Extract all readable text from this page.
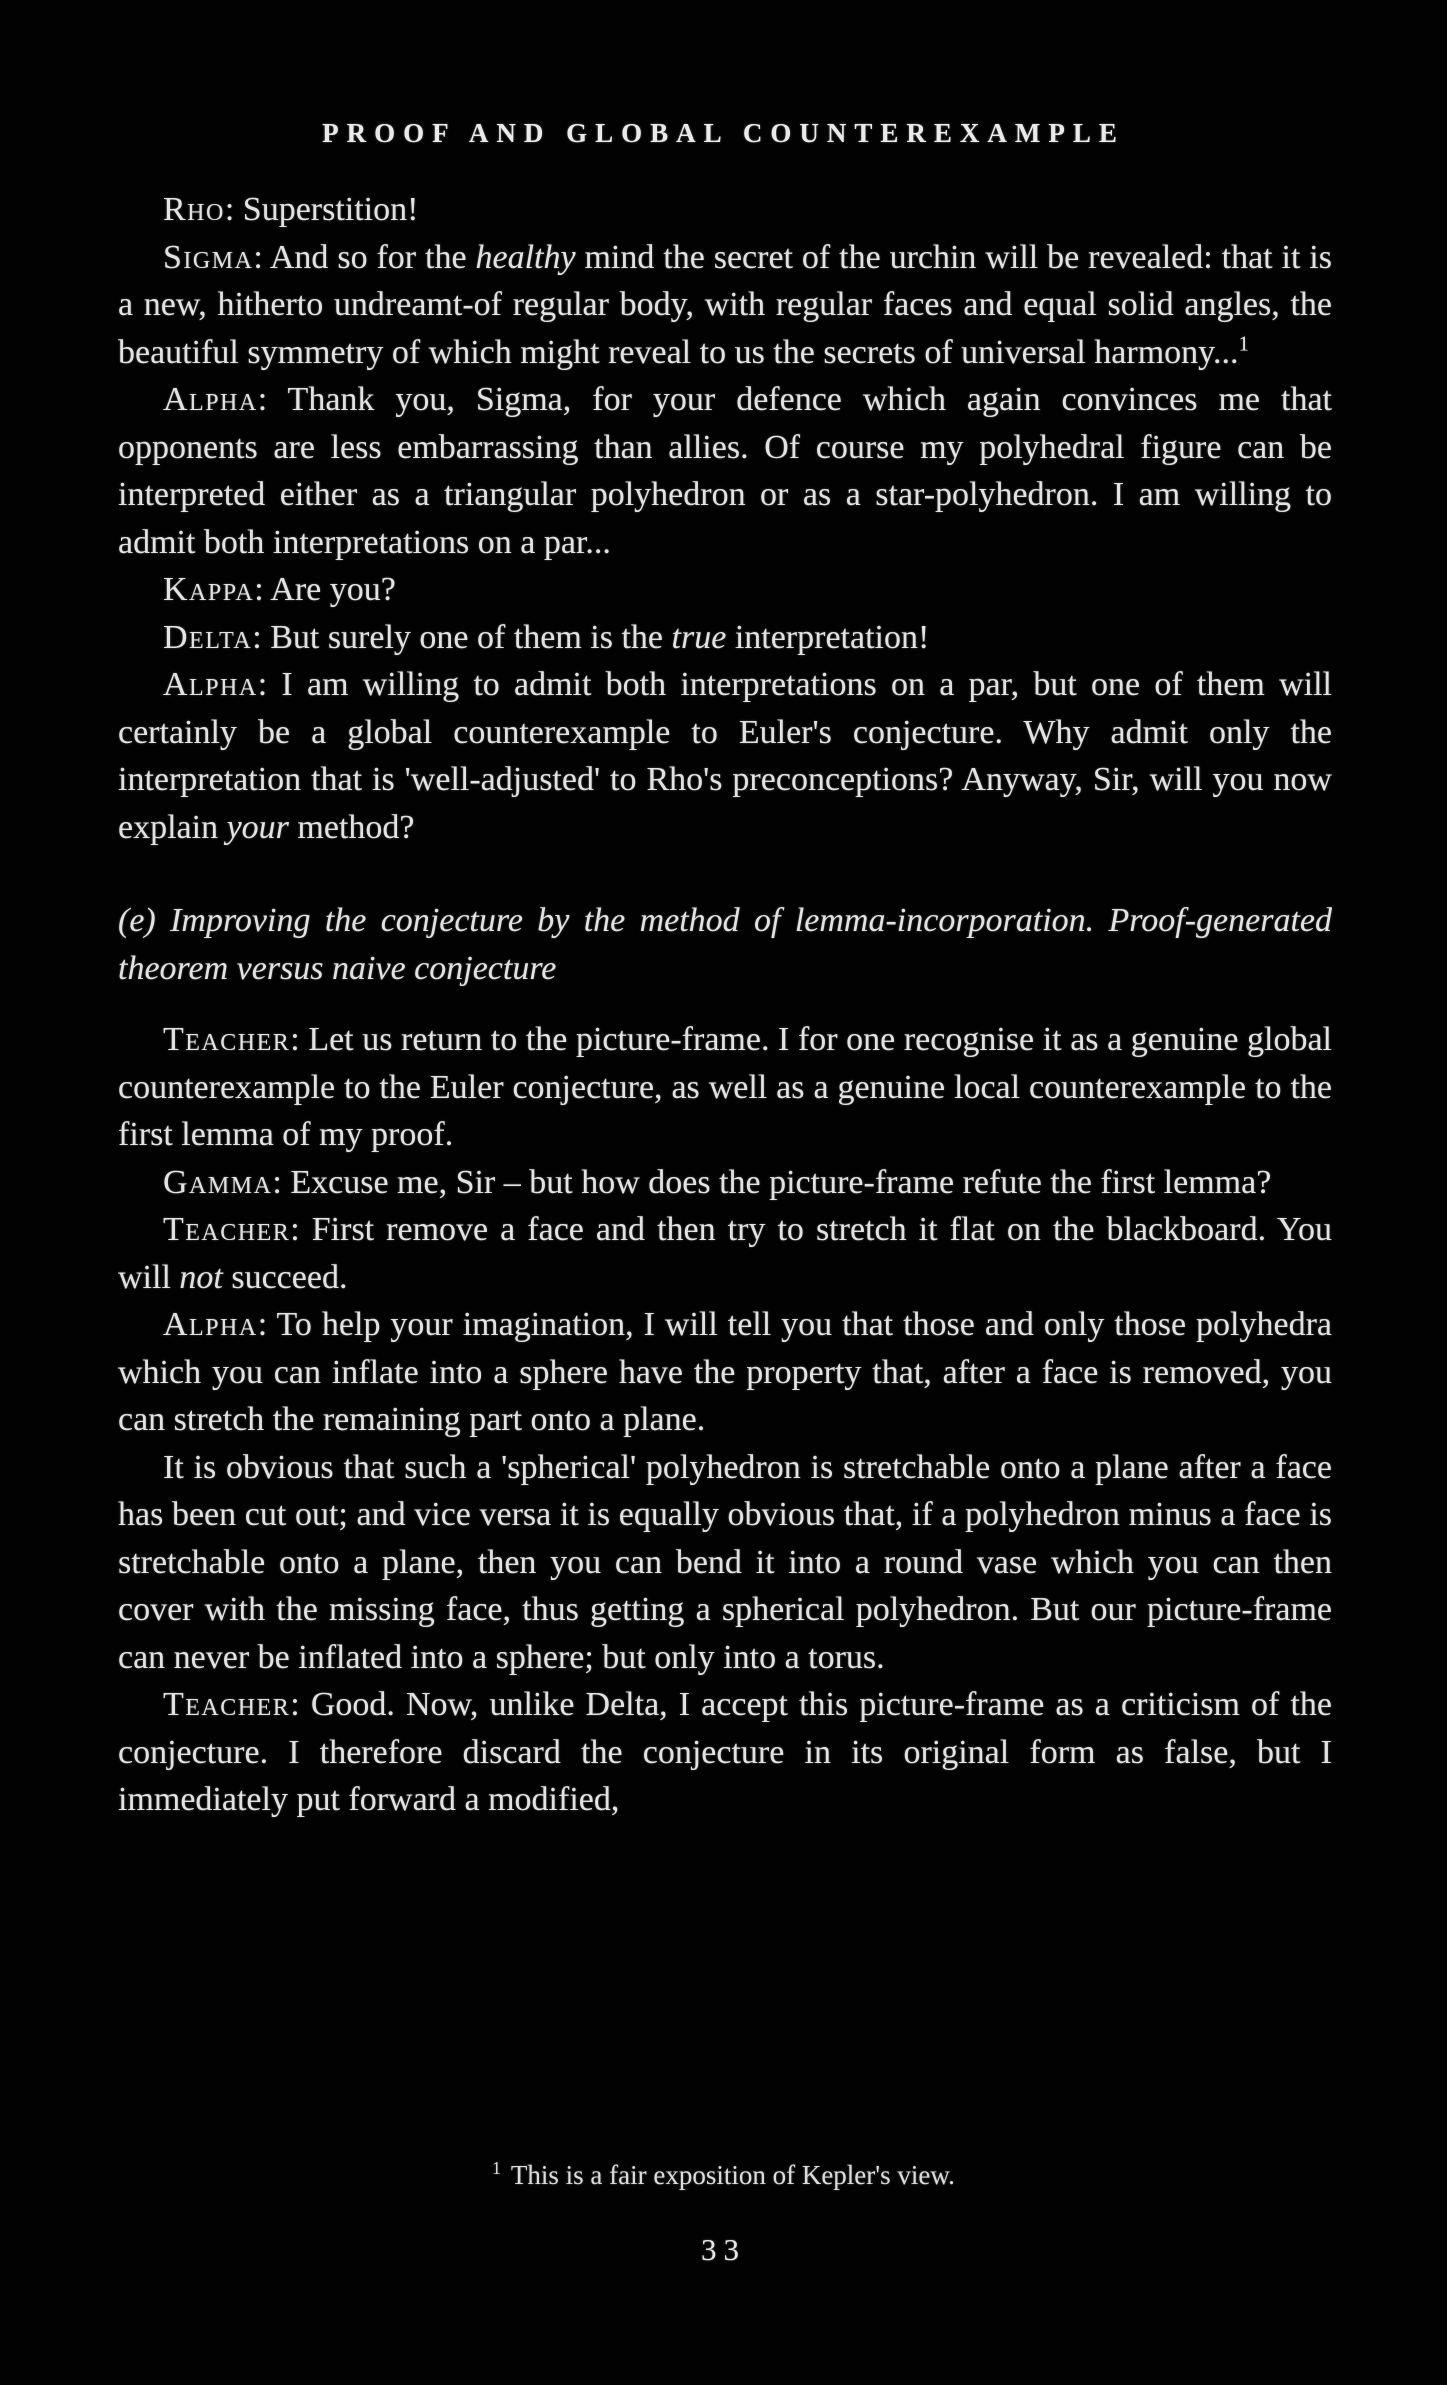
PROOF AND GLOBAL COUNTEREXAMPLE

Rho: Superstition!

Sigma: And so for the healthy mind the secret of the urchin will be revealed: that it is a new, hitherto undreamt-of regular body, with regular faces and equal solid angles, the beautiful symmetry of which might reveal to us the secrets of universal harmony...$^1$

Alpha: Thank you, Sigma, for your defence which again convinces me that opponents are less embarrassing than allies. Of course my polyhedral figure can be interpreted either as a triangular polyhedron or as a star-polyhedron. I am willing to admit both interpretations on a par...

Kappa: Are you?

Delta: But surely one of them is the true interpretation!

Alpha: I am willing to admit both interpretations on a par, but one of them will certainly be a global counterexample to Euler's conjecture. Why admit only the interpretation that is 'well-adjusted' to Rho's preconceptions? Anyway, Sir, will you now explain your method?

(e) Improving the conjecture by the method of lemma-incorporation. Proof-generated theorem versus naive conjecture

Teacher: Let us return to the picture-frame. I for one recognise it as a genuine global counterexample to the Euler conjecture, as well as a genuine local counterexample to the first lemma of my proof.

Gamma: Excuse me, Sir – but how does the picture-frame refute the first lemma?

Teacher: First remove a face and then try to stretch it flat on the blackboard. You will not succeed.

Alpha: To help your imagination, I will tell you that those and only those polyhedra which you can inflate into a sphere have the property that, after a face is removed, you can stretch the remaining part onto a plane.

It is obvious that such a 'spherical' polyhedron is stretchable onto a plane after a face has been cut out; and vice versa it is equally obvious that, if a polyhedron minus a face is stretchable onto a plane, then you can bend it into a round vase which you can then cover with the missing face, thus getting a spherical polyhedron. But our picture-frame can never be inflated into a sphere; but only into a torus.

Teacher: Good. Now, unlike Delta, I accept this picture-frame as a criticism of the conjecture. I therefore discard the conjecture in its original form as false, but I immediately put forward a modified,

$^1$ This is a fair exposition of Kepler's view.
33
